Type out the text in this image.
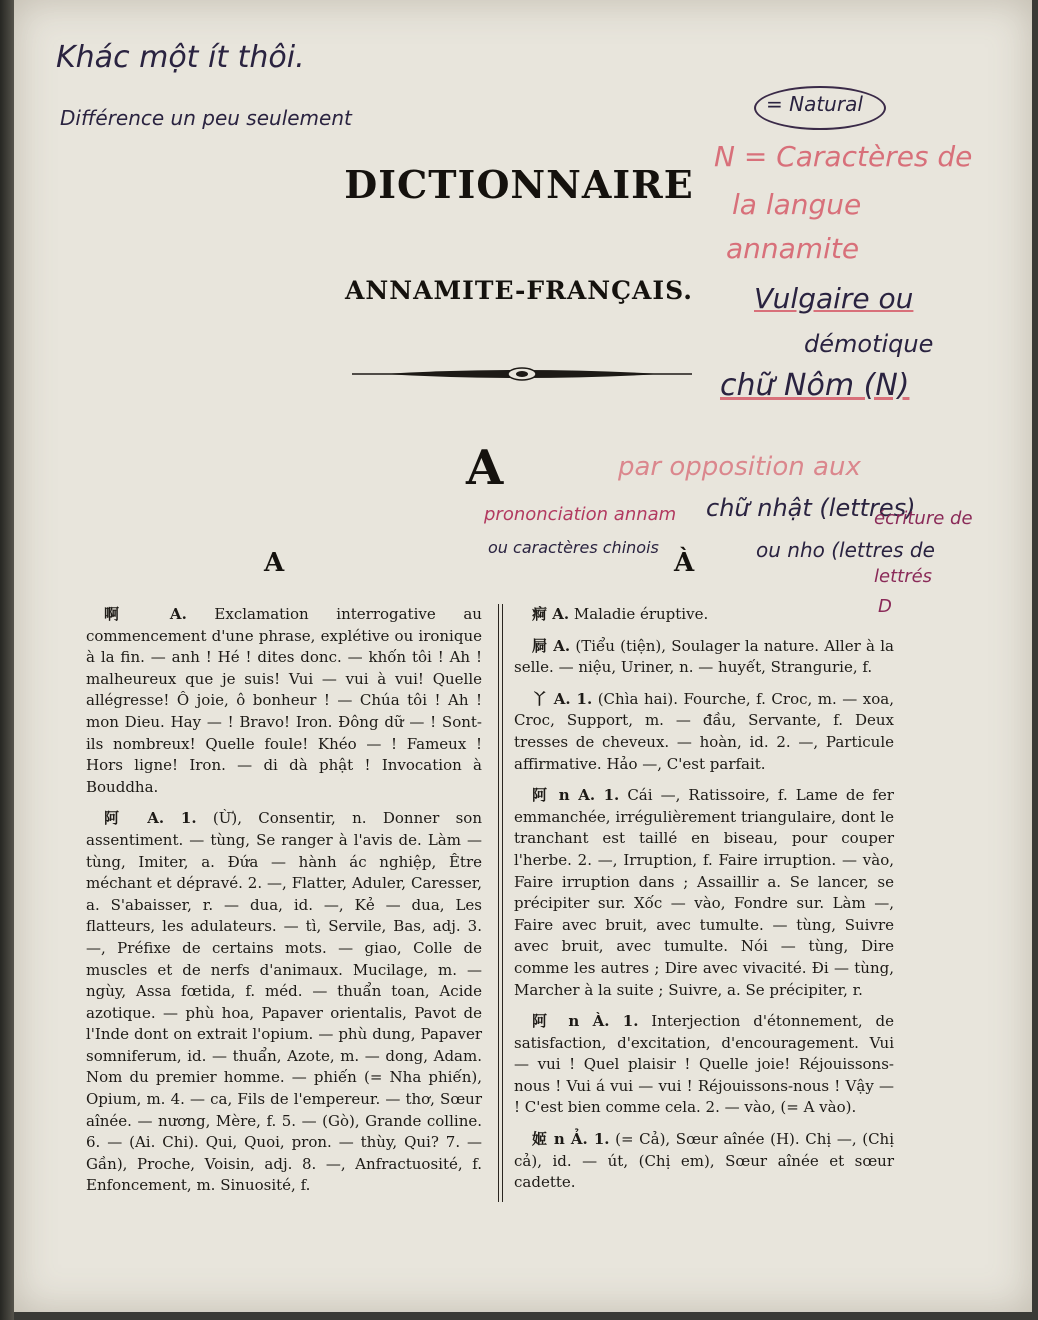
Khác một ít thôi.
Différence un peu seulement
= Natural
N = Caractères de
la langue
annamite
Vulgaire ou
démotique
chữ Nôm (N)
par opposition aux
prononciation annam
ou caractères chinois
chữ nhật (lettres)
écriture de
ou nho (lettres de
lettrés
D
DICTIONNAIRE
ANNAMITE-FRANÇAIS.
A
A	À

啊 A. Exclamation interrogative au commencement d'une phrase, explétive ou ironique à la fin. — anh ! Hé ! dites donc. — khốn tôi ! Ah ! malheureux que je suis! Vui — vui à vui! Quelle allégresse! Ô joie, ô bonheur ! — Chúa tôi ! Ah ! mon Dieu. Hay — ! Bravo! Iron. Đông dữ — ! Sont-ils nombreux! Quelle foule! Khéo — ! Fameux ! Hors ligne! Iron. — di dà phật ! Invocation à Bouddha.

阿 A. 1. (Ừ), Consentir, n. Donner son assentiment. — tùng, Se ranger à l'avis de. Làm — tùng, Imiter, a. Đứa — hành ác nghiệp, Être méchant et dépravé. 2. —, Flatter, Aduler, Caresser, a. S'abaisser, r. — dua, id. —, Kẻ — dua, Les flatteurs, les adulateurs. — tì, Servile, Bas, adj. 3. —, Préfixe de certains mots. — giao, Colle de muscles et de nerfs d'animaux. Mucilage, m. — ngùy, Assa fœtida, f. méd. — thuẩn toan, Acide azotique. — phù hoa, Papaver orientalis, Pavot de l'Inde dont on extrait l'opium. — phù dung, Papaver somniferum, id. — thuẩn, Azote, m. — dong, Adam. Nom du premier homme. — phiến (= Nha phiến), Opium, m. 4. — ca, Fils de l'empereur. — thơ, Sœur aînée. — nương, Mère, f. 5. — (Gò), Grande colline. 6. — (Ai. Chi). Qui, Quoi, pron. — thùy, Qui? 7. — Gần), Proche, Voisin, adj. 8. —, Anfractuosité, f. Enfoncement, m. Sinuosité, f.

痾 A. Maladie éruptive.

屙 A. (Tiểu (tiện), Soulager la nature. Aller à la selle. — niệu, Uriner, n. — huyết, Strangurie, f.

丫 A. 1. (Chìa hai). Fourche, f. Croc, m. — xoa, Croc, Support, m. — đầu, Servante, f. Deux tresses de cheveux. — hoàn, id. 2. —, Particule affirmative. Hảo —, C'est parfait.

阿 n A. 1. Cái —, Ratissoire, f. Lame de fer emmanchée, irrégulièrement triangulaire, dont le tranchant est taillé en biseau, pour couper l'herbe. 2. —, Irruption, f. Faire irruption. — vào, Faire irruption dans ; Assaillir a. Se lancer, se précipiter sur. Xốc — vào, Fondre sur. Làm —, Faire avec bruit, avec tumulte. — tùng, Suivre avec bruit, avec tumulte. Nói — tùng, Dire comme les autres ; Dire avec vivacité. Đi — tùng, Marcher à la suite ; Suivre, a. Se précipiter, r.

阿 n À. 1. Interjection d'étonnement, de satisfaction, d'excitation, d'encouragement. Vui — vui ! Quel plaisir ! Quelle joie! Réjouissons-nous ! Vui á vui — vui ! Réjouissons-nous ! Vậy — ! C'est bien comme cela. 2. — vào, (= A vào).

姬 n Ả. 1. (= Cả), Sœur aînée (H). Chị —, (Chị cả), id. — út, (Chị em), Sœur aînée et sœur cadette.
